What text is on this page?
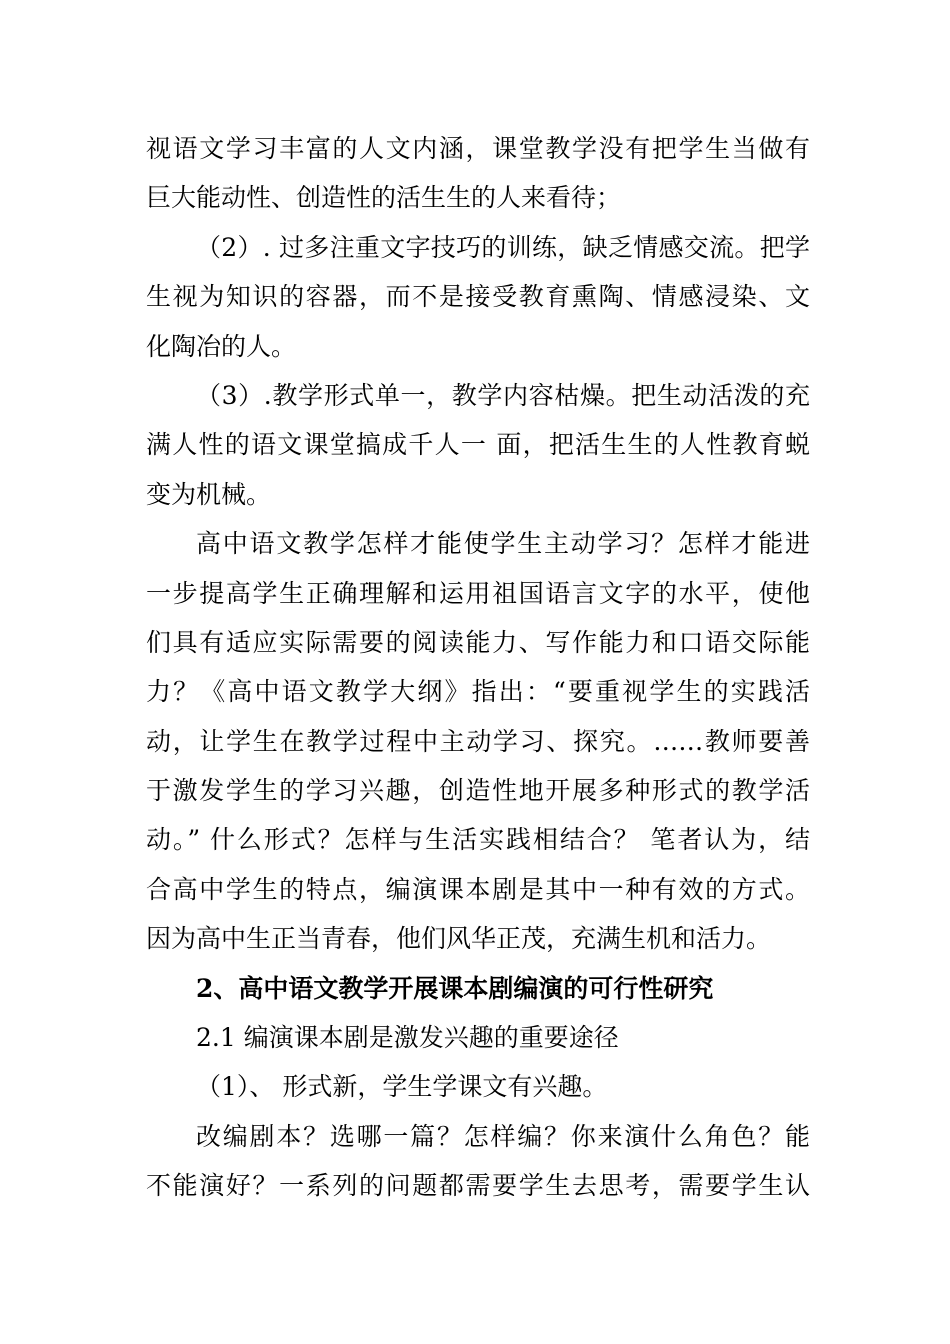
视语文学习丰富的人文内涵，课堂教学没有把学生当做有
巨大能动性、创造性的活生生的人来看待；
（2）. 过多注重文字技巧的训练，缺乏情感交流。把学
生视为知识的容器，而不是接受教育熏陶、情感浸染、文
化陶冶的人。
（3）.教学形式单一，教学内容枯燥。把生动活泼的充
满人性的语文课堂搞成千人一 面，把活生生的人性教育蜕
变为机械。
高中语文教学怎样才能使学生主动学习？怎样才能进
一步提高学生正确理解和运用祖国语言文字的水平，使他
们具有适应实际需要的阅读能力、写作能力和口语交际能
力？《高中语文教学大纲》指出：“要重视学生的实践活
动，让学生在教学过程中主动学习、探究。……教师要善
于激发学生的学习兴趣，创造性地开展多种形式的教学活
动。” 什么形式？怎样与生活实践相结合？ 笔者认为，结
合高中学生的特点，编演课本剧是其中一种有效的方式。
因为高中生正当青春，他们风华正茂，充满生机和活力。
2、高中语文教学开展课本剧编演的可行性研究
2.1 编演课本剧是激发兴趣的重要途径
（1）、 形式新，学生学课文有兴趣。
改编剧本？选哪一篇？怎样编？你来演什么角色？能
不能演好？一系列的问题都需要学生去思考，需要学生认
